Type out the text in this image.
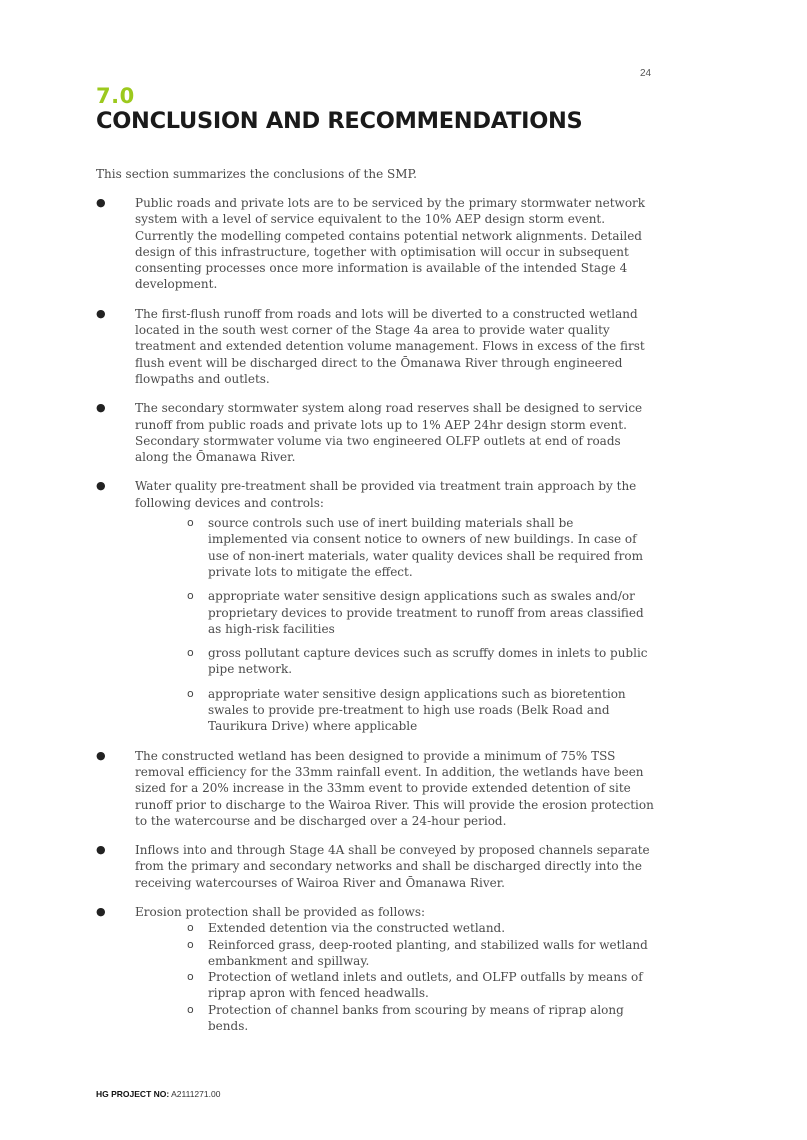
24
7.0
CONCLUSION AND RECOMMENDATIONS

This section summarizes the conclusions of the SMP.

● Public roads and private lots are to be serviced by the primary stormwater network system with a level of service equivalent to the 10% AEP design storm event. Currently the modelling competed contains potential network alignments. Detailed design of this infrastructure, together with optimisation will occur in subsequent consenting processes once more information is available of the intended Stage 4 development.
● The first-flush runoff from roads and lots will be diverted to a constructed wetland located in the south west corner of the Stage 4a area to provide water quality treatment and extended detention volume management. Flows in excess of the first flush event will be discharged direct to the Ōmanawa River through engineered flowpaths and outlets.
● The secondary stormwater system along road reserves shall be designed to service runoff from public roads and private lots up to 1% AEP 24hr design storm event. Secondary stormwater volume via two engineered OLFP outlets at end of roads along the Ōmanawa River.
● Water quality pre-treatment shall be provided via treatment train approach by the following devices and controls:
o source controls such use of inert building materials shall be implemented via consent notice to owners of new buildings. In case of use of non-inert materials, water quality devices shall be required from private lots to mitigate the effect.
o appropriate water sensitive design applications such as swales and/or proprietary devices to provide treatment to runoff from areas classified as high-risk facilities
o gross pollutant capture devices such as scruffy domes in inlets to public pipe network.
o appropriate water sensitive design applications such as bioretention swales to provide pre-treatment to high use roads (Belk Road and Taurikura Drive) where applicable
● The constructed wetland has been designed to provide a minimum of 75% TSS removal efficiency for the 33mm rainfall event. In addition, the wetlands have been sized for a 20% increase in the 33mm event to provide extended detention of site runoff prior to discharge to the Wairoa River. This will provide the erosion protection to the watercourse and be discharged over a 24-hour period.
● Inflows into and through Stage 4A shall be conveyed by proposed channels separate from the primary and secondary networks and shall be discharged directly into the receiving watercourses of Wairoa River and Ōmanawa River.
● Erosion protection shall be provided as follows:
o Extended detention via the constructed wetland.
o Reinforced grass, deep-rooted planting, and stabilized walls for wetland embankment and spillway.
o Protection of wetland inlets and outlets, and OLFP outfalls by means of riprap apron with fenced headwalls.
o Protection of channel banks from scouring by means of riprap along bends.
HG PROJECT NO: A2111271.00
